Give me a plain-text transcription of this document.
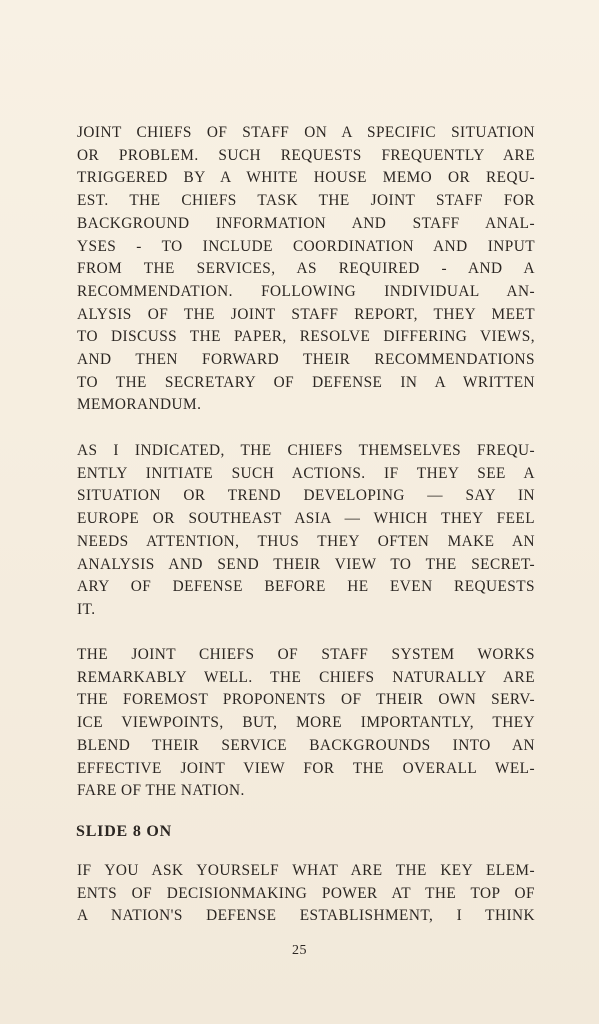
JOINT CHIEFS OF STAFF ON A SPECIFIC SITUATION
OR PROBLEM. SUCH REQUESTS FREQUENTLY ARE
TRIGGERED BY A WHITE HOUSE MEMO OR REQU-
EST. THE CHIEFS TASK THE JOINT STAFF FOR
BACKGROUND INFORMATION AND STAFF ANAL-
YSES - TO INCLUDE COORDINATION AND INPUT
FROM THE SERVICES, AS REQUIRED - AND A
RECOMMENDATION. FOLLOWING INDIVIDUAL AN-
ALYSIS OF THE JOINT STAFF REPORT, THEY MEET
TO DISCUSS THE PAPER, RESOLVE DIFFERING VIEWS,
AND THEN FORWARD THEIR RECOMMENDATIONS
TO THE SECRETARY OF DEFENSE IN A WRITTEN
MEMORANDUM.
AS I INDICATED, THE CHIEFS THEMSELVES FREQU-
ENTLY INITIATE SUCH ACTIONS. IF THEY SEE A
SITUATION OR TREND DEVELOPING — SAY IN
EUROPE OR SOUTHEAST ASIA — WHICH THEY FEEL
NEEDS ATTENTION, THUS THEY OFTEN MAKE AN
ANALYSIS AND SEND THEIR VIEW TO THE SECRET-
ARY OF DEFENSE BEFORE HE EVEN REQUESTS
IT.
THE JOINT CHIEFS OF STAFF SYSTEM WORKS
REMARKABLY WELL. THE CHIEFS NATURALLY ARE
THE FOREMOST PROPONENTS OF THEIR OWN SERV-
ICE VIEWPOINTS, BUT, MORE IMPORTANTLY, THEY
BLEND THEIR SERVICE BACKGROUNDS INTO AN
EFFECTIVE JOINT VIEW FOR THE OVERALL WEL-
FARE OF THE NATION.
SLIDE 8 ON
IF YOU ASK YOURSELF WHAT ARE THE KEY ELEM-
ENTS OF DECISIONMAKING POWER AT THE TOP OF
A NATION'S DEFENSE ESTABLISHMENT, I THINK
25
